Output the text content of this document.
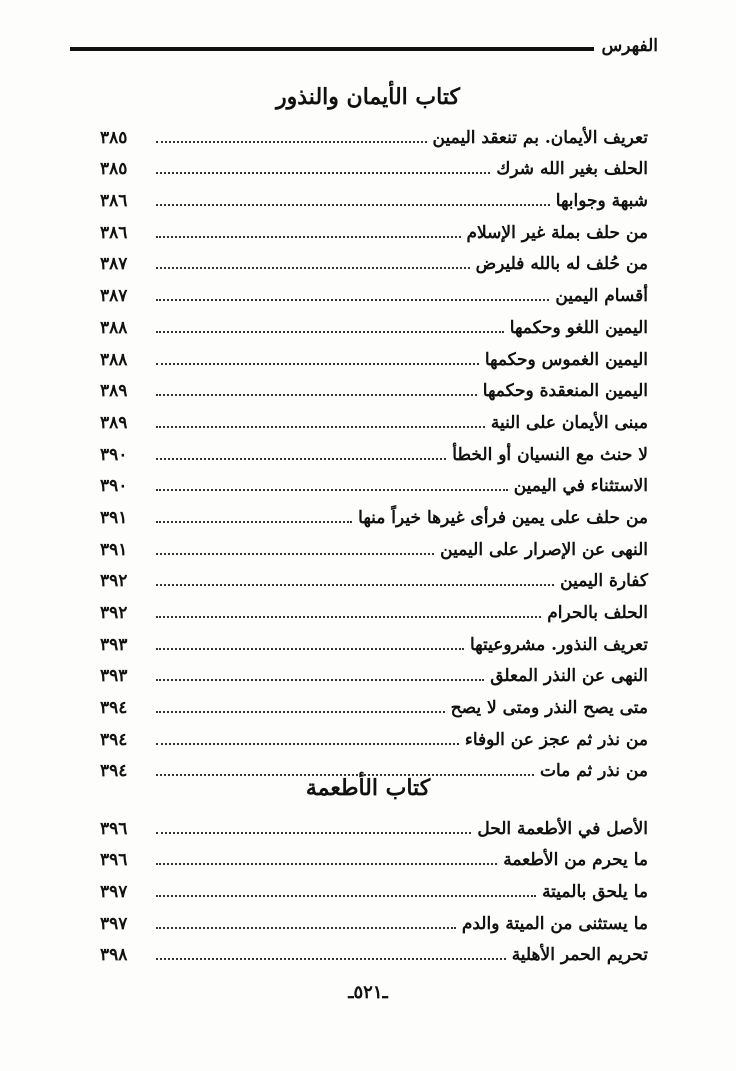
الفهرس
كتاب الأيمان والنذور
تعريف الأيمان. بم تنعقد اليمين
٣٨٥
الحلف بغير الله شرك
٣٨٥
شبهة وجوابها
٣٨٦
من حلف بملة غير الإسلام
٣٨٦
من حُلف له بالله فليرض
٣٨٧
أقسام اليمين
٣٨٧
اليمين اللغو وحكمها
٣٨٨
اليمين الغموس وحكمها
٣٨٨
اليمين المنعقدة وحكمها
٣٨٩
مبنى الأيمان على النية
٣٨٩
لا حنث مع النسيان أو الخطأ
٣٩٠
الاستثناء في اليمين
٣٩٠
من حلف على يمين فرأى غيرها خيراً منها
٣٩١
النهى عن الإصرار على اليمين
٣٩١
كفارة اليمين
٣٩٢
الحلف بالحرام
٣٩٢
تعريف النذور. مشروعيتها
٣٩٣
النهى عن النذر المعلق
٣٩٣
متى يصح النذر ومتى لا يصح
٣٩٤
من نذر ثم عجز عن الوفاء
٣٩٤
من نذر ثم مات
٣٩٤
كتاب الأطعمة
الأصل في الأطعمة الحل
٣٩٦
ما يحرم من الأطعمة
٣٩٦
ما يلحق بالميتة
٣٩٧
ما يستثنى من الميتة والدم
٣٩٧
تحريم الحمر الأهلية
٣٩٨
ـ٥٢١ـ
